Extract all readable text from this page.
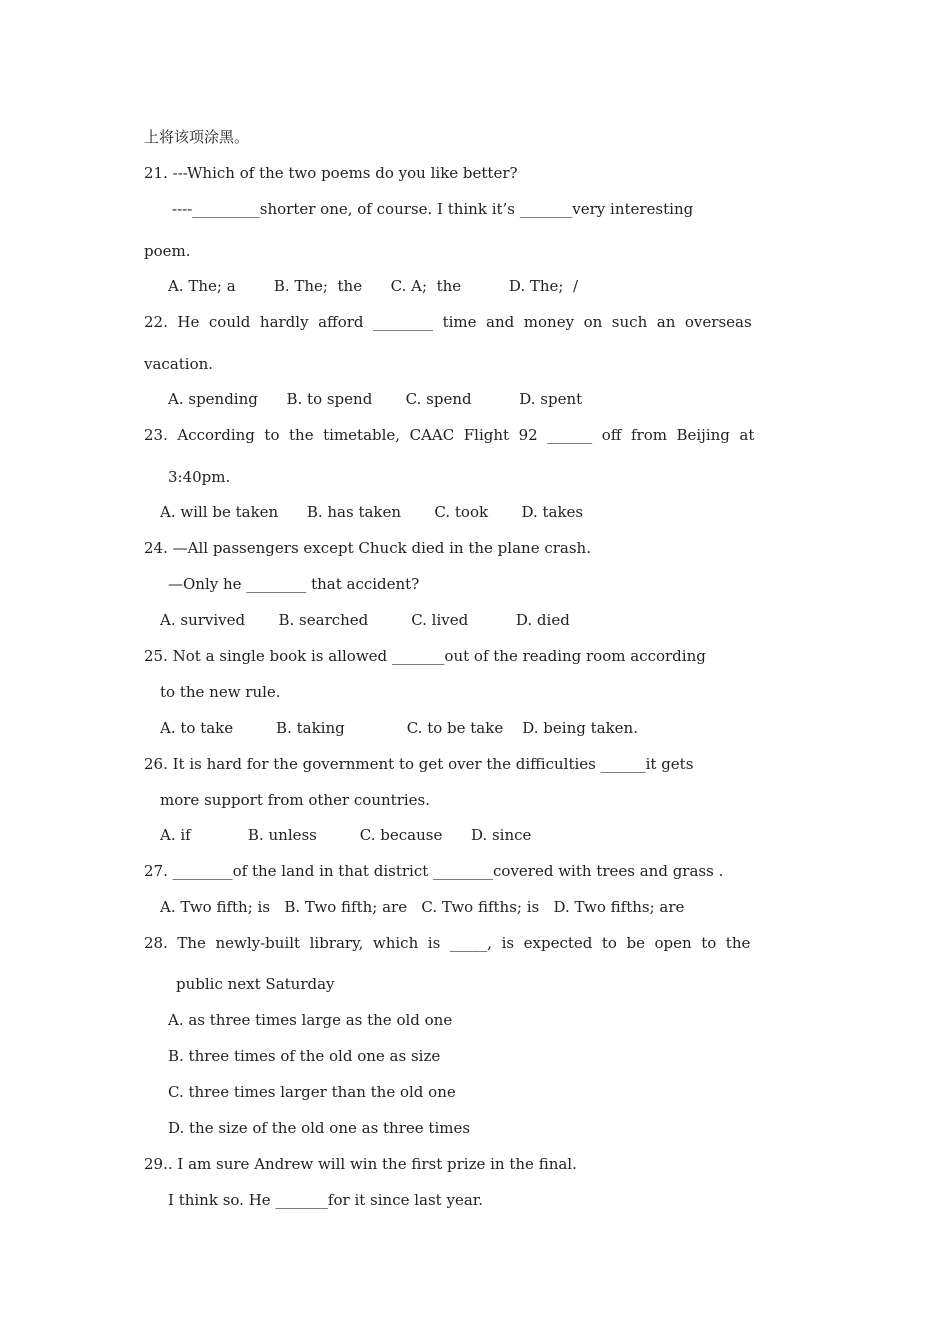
上将该项涂黑。
21. ---Which of the two poems do you like better?
----_________shorter one, of course. I think it’s _______very interesting
poem.
A. The; a        B. The;  the      C. A;  the          D. The;  /
22.  He  could  hardly  afford  ________  time  and  money  on  such  an  overseas
vacation.
A. spending      B. to spend       C. spend          D. spent
23.  According  to  the  timetable,  CAAC  Flight  92  ______  off  from  Beijing  at
3:40pm.
A. will be taken      B. has taken       C. took       D. takes
24. —All passengers except Chuck died in the plane crash.
—Only he ________ that accident?
A. survived       B. searched         C. lived          D. died
25. Not a single book is allowed _______out of the reading room according
to the new rule.
A. to take         B. taking             C. to be take    D. being taken.
26. It is hard for the government to get over the difficulties ______it gets
more support from other countries.
A. if            B. unless         C. because      D. since
27. ________of the land in that district ________covered with trees and grass .
A. Two fifth; is   B. Two fifth; are   C. Two fifths; is   D. Two fifths; are
28.  The  newly-built  library,  which  is  _____,  is  expected  to  be  open  to  the
public next Saturday
A. as three times large as the old one
B. three times of the old one as size
C. three times larger than the old one
D. the size of the old one as three times
29.. I am sure Andrew will win the first prize in the final.
I think so. He _______for it since last year.
